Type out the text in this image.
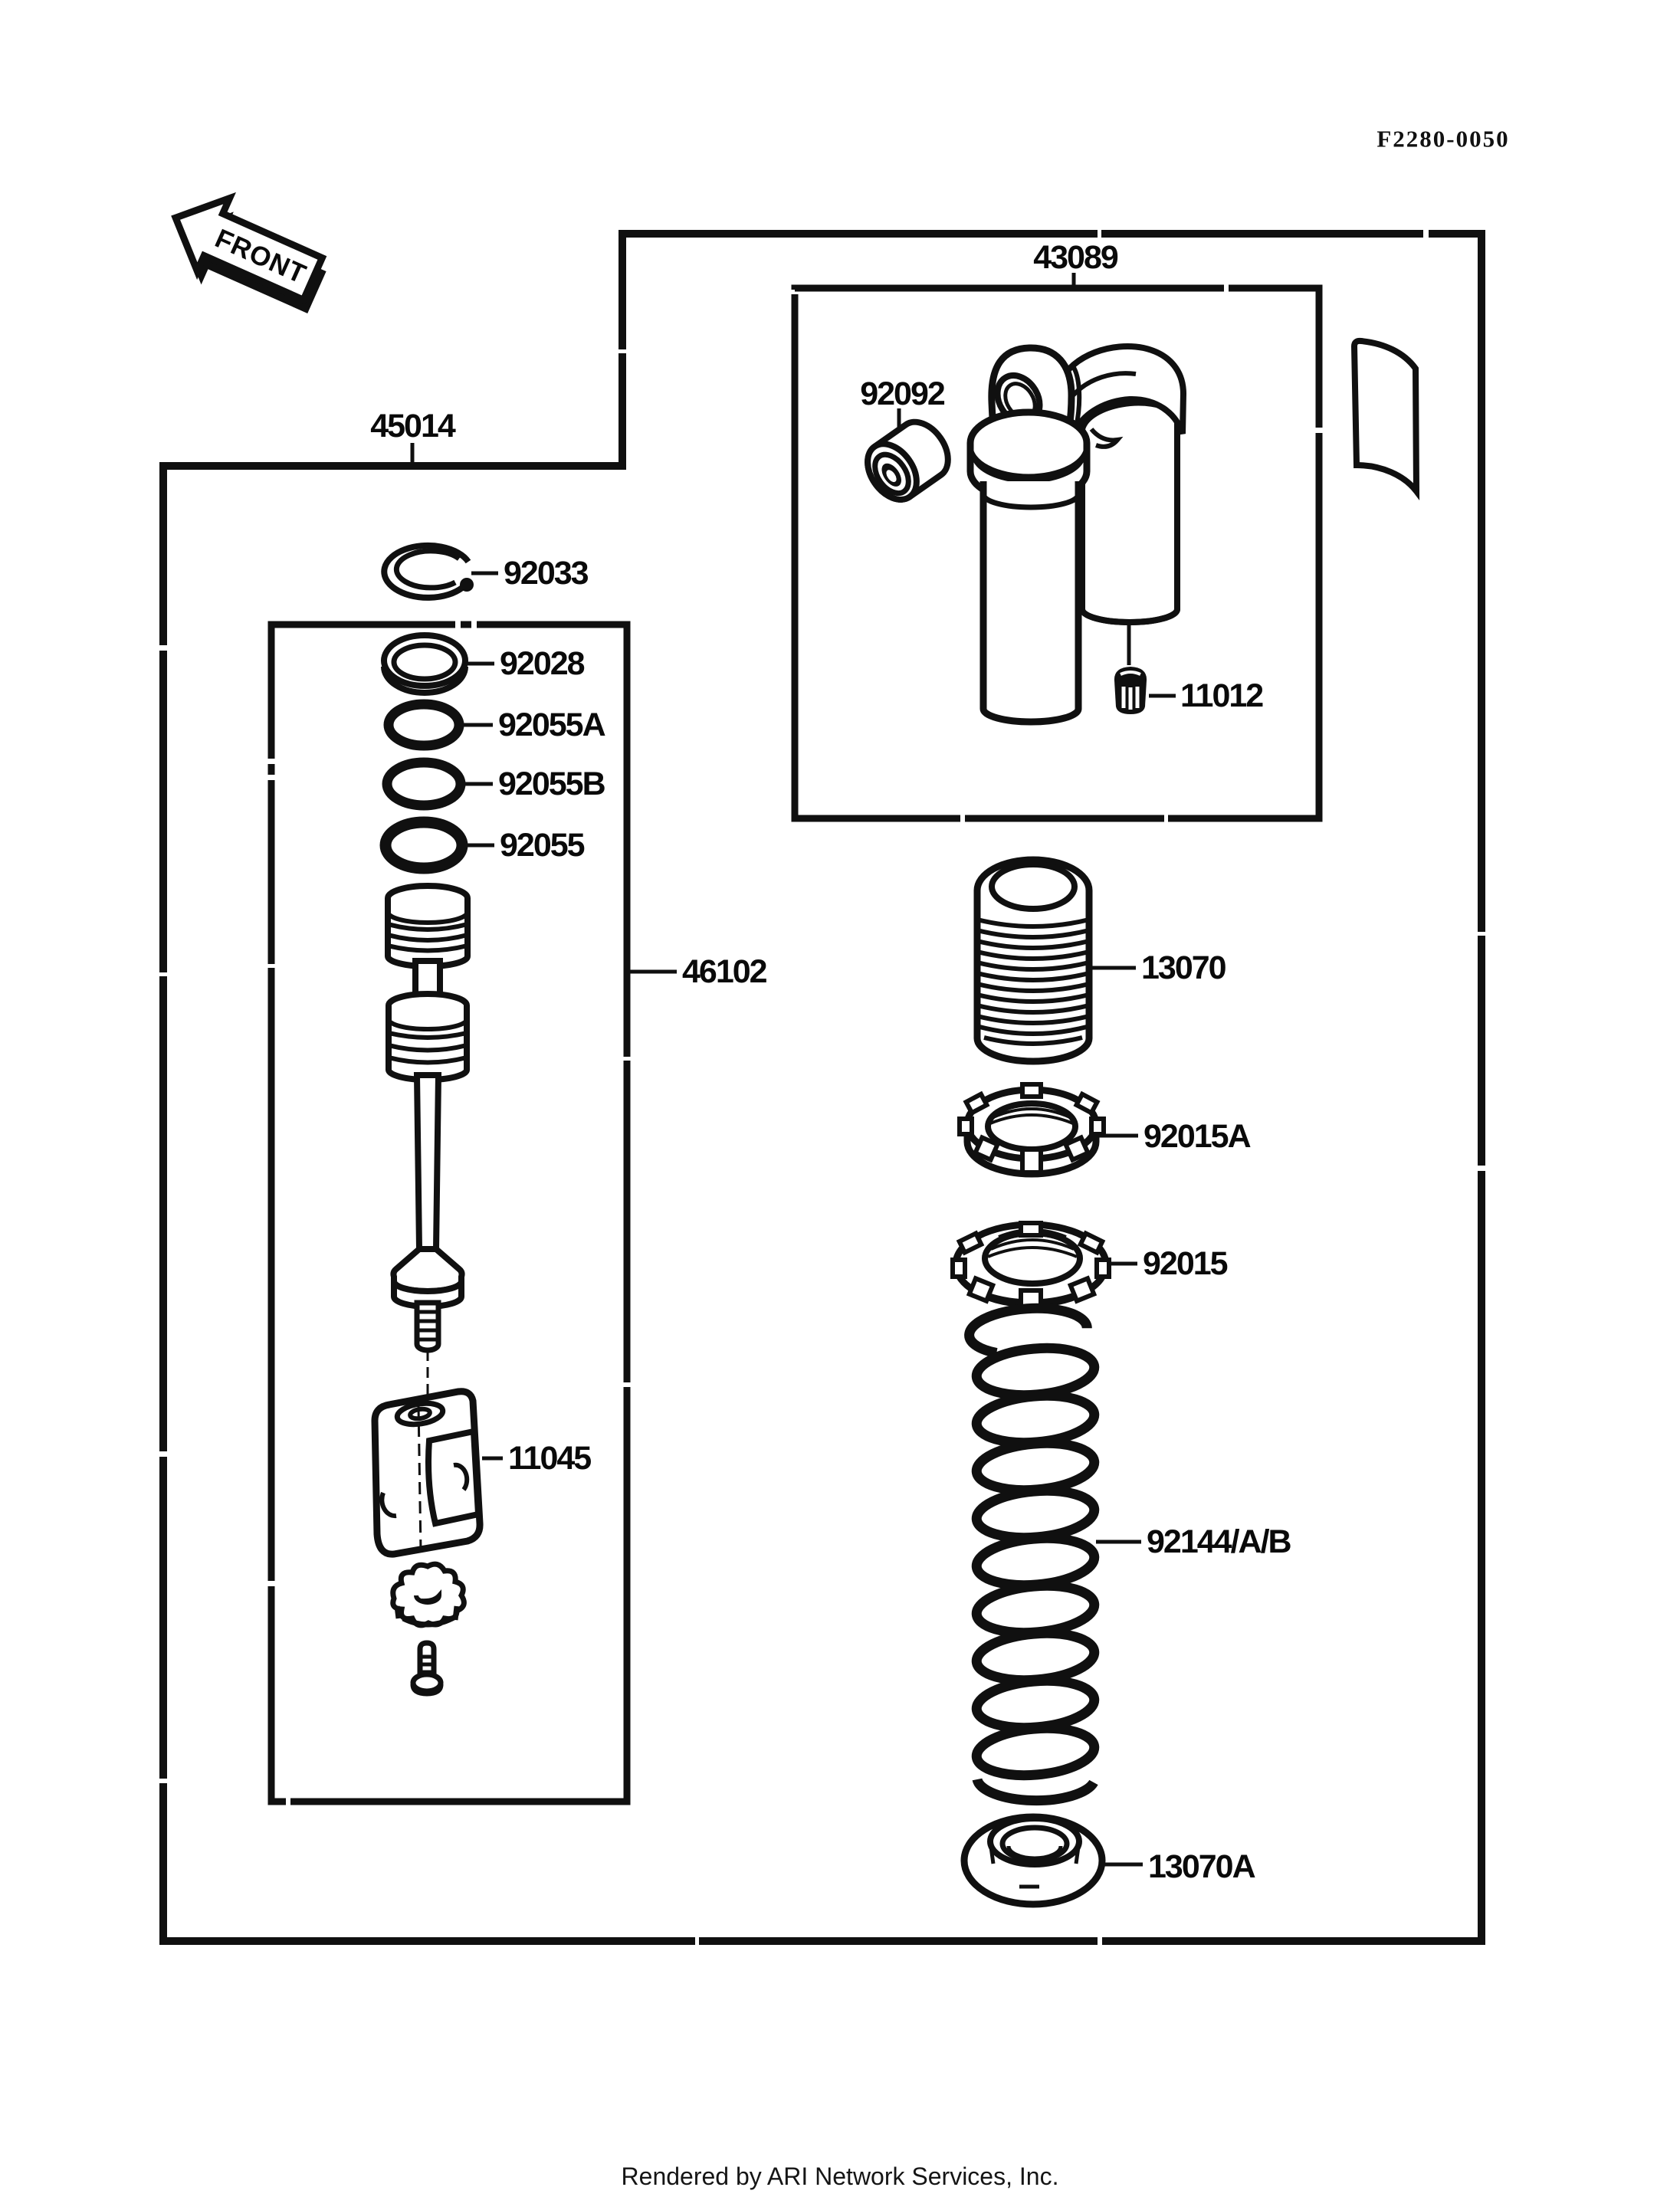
FRONT
F2280-0050
43089
45014
92092
11012
92033
92028
92055A
92055B
92055
46102
11045
13070
92015A
92015
92144/A/B
13070A
Rendered by ARI Network Services, Inc.
